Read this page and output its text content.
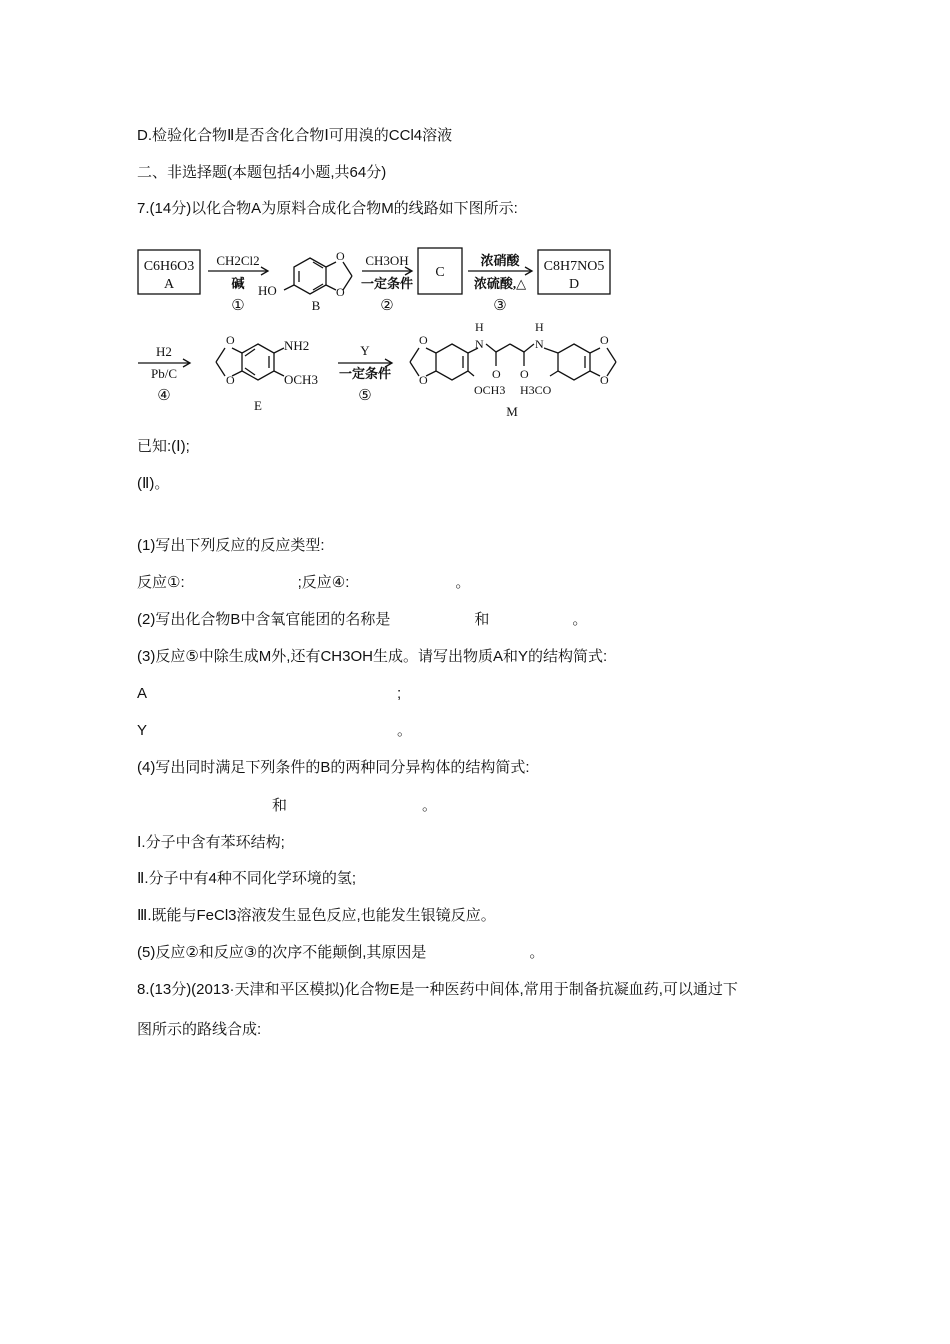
D.检验化合物Ⅱ是否含化合物Ⅰ可用溴的CCl4溶液
二、非选择题(本题包括4小题,共64分)
7.(14分)以化合物A为原料合成化合物M的线路如下图所示:
C6H6O3
A
CH2Cl2
碱
①
O
O
HO
B
CH3OH
一定条件
②
C
浓硝酸
浓硫酸,△
③
C8H7NO5
D
H2
Pb/C
④
NH2
OCH3
O
O
E
Y
一定条件
⑤
O
O
H
N
O O
H
N
OCH3 H3CO
O
O
M
已知:(Ⅰ);
(Ⅱ)。
(1)写出下列反应的反应类型:
反应①:	;反应④:	。
(2)写出化合物B中含氧官能团的名称是	和	。
(3)反应⑤中除生成M外,还有CH3OH生成。请写出物质A和Y的结构简式:
A	;
Y	。
(4)写出同时满足下列条件的B的两种同分异构体的结构简式:
和	。
Ⅰ.分子中含有苯环结构;
Ⅱ.分子中有4种不同化学环境的氢;
Ⅲ.既能与FeCl3溶液发生显色反应,也能发生银镜反应。
(5)反应②和反应③的次序不能颠倒,其原因是	。
8.(13分)(2013·天津和平区模拟)化合物E是一种医药中间体,常用于制备抗凝血药,可以通过下
图所示的路线合成:
